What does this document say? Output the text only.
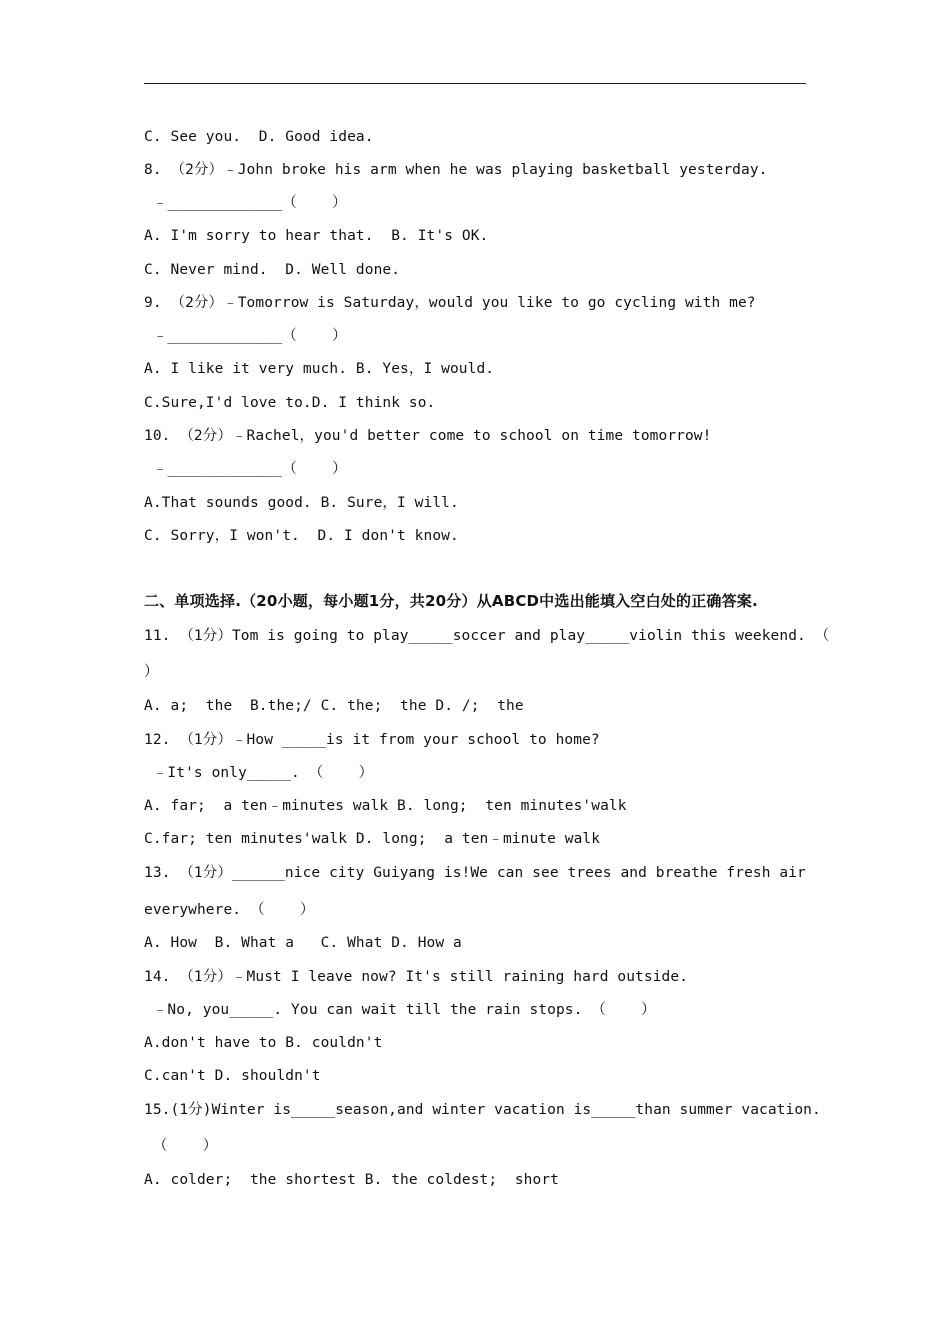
C. See you.  D. Good idea.
8. （2分）﹣John broke his arm when he was playing basketball yesterday.
﹣_____________（    ）
A. I'm sorry to hear that.  B. It's OK.
C. Never mind.  D. Well done.
9. （2分）﹣Tomorrow is Saturday，would you like to go cycling with me?
﹣_____________（    ）
A. I like it very much. B. Yes，I would.
C.Sure,I'd love to.D. I think so.
10. （2分）﹣Rachel，you'd better come to school on time tomorrow!
﹣_____________（    ）
A.That sounds good. B. Sure，I will.
C. Sorry，I won't.  D. I don't know.
二、单项选择.（20小题，每小题1分，共20分）从ABCD中选出能填入空白处的正确答案.
11. （1分）Tom is going to play_____soccer and play_____violin this weekend. （
）
A. a;  the  B.the;/ C. the;  the D. /;  the
12. （1分）﹣How _____is it from your school to home?
﹣It's only_____. （    ）
A. far;  a ten﹣minutes walk B. long;  ten minutes'walk
C.far; ten minutes'walk D. long;  a ten﹣minute walk
13. （1分）______nice city Guiyang is!We can see trees and breathe fresh air
everywhere. （    ）
A. How  B. What a   C. What D. How a
14. （1分）﹣Must I leave now? It's still raining hard outside.
﹣No, you_____. You can wait till the rain stops. （    ）
A.don't have to B. couldn't
C.can't D. shouldn't
15.(1分)Winter is_____season,and winter vacation is_____than summer vacation.
（    ）
A. colder;  the shortest B. the coldest;  short
